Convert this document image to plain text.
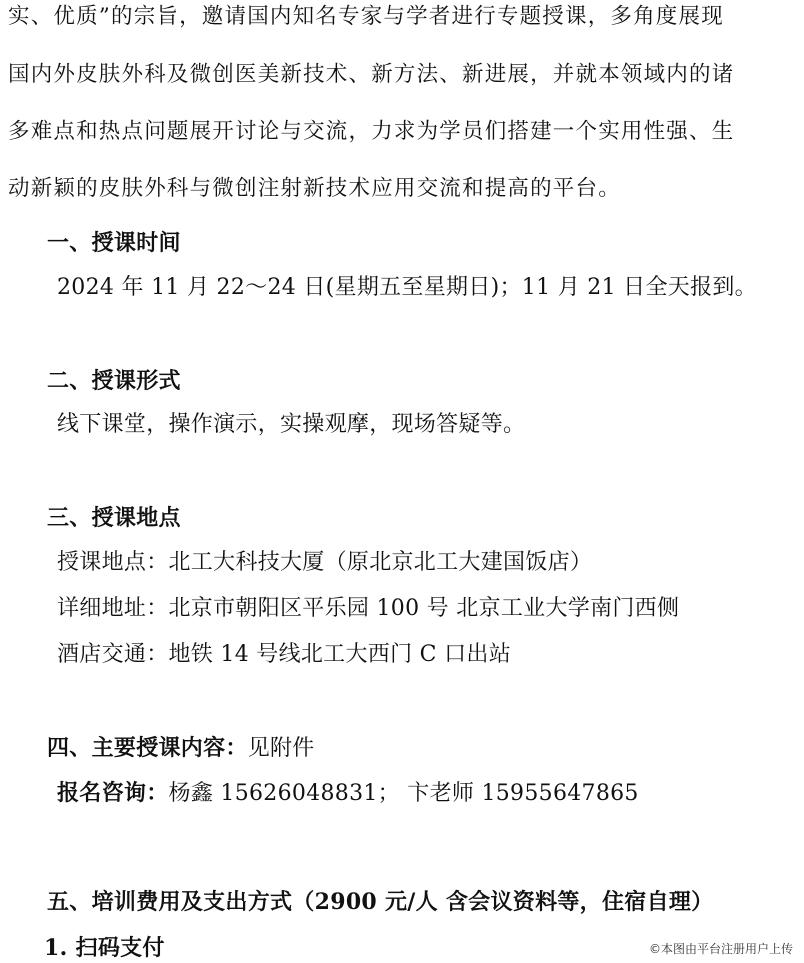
实、优质”的宗旨，邀请国内知名专家与学者进行专题授课，多角度展现
国内外皮肤外科及微创医美新技术、新方法、新进展，并就本领域内的诸
多难点和热点问题展开讨论与交流，力求为学员们搭建一个实用性强、生
动新颖的皮肤外科与微创注射新技术应用交流和提高的平台。
一、授课时间
2024 年 11 月 22～24 日(星期五至星期日)；11 月 21 日全天报到。
二、授课形式
线下课堂，操作演示，实操观摩，现场答疑等。
三、授课地点
授课地点：北工大科技大厦（原北京北工大建国饭店）
详细地址：北京市朝阳区平乐园 100 号 北京工业大学南门西侧
酒店交通：地铁 14 号线北工大西门 C 口出站
四、主要授课内容：见附件
报名咨询：杨鑫 15626048831； 卞老师 15955647865
五、培训费用及支出方式（2900 元/人 含会议资料等，住宿自理）
1. 扫码支付	©本图由平台注册用户上传
